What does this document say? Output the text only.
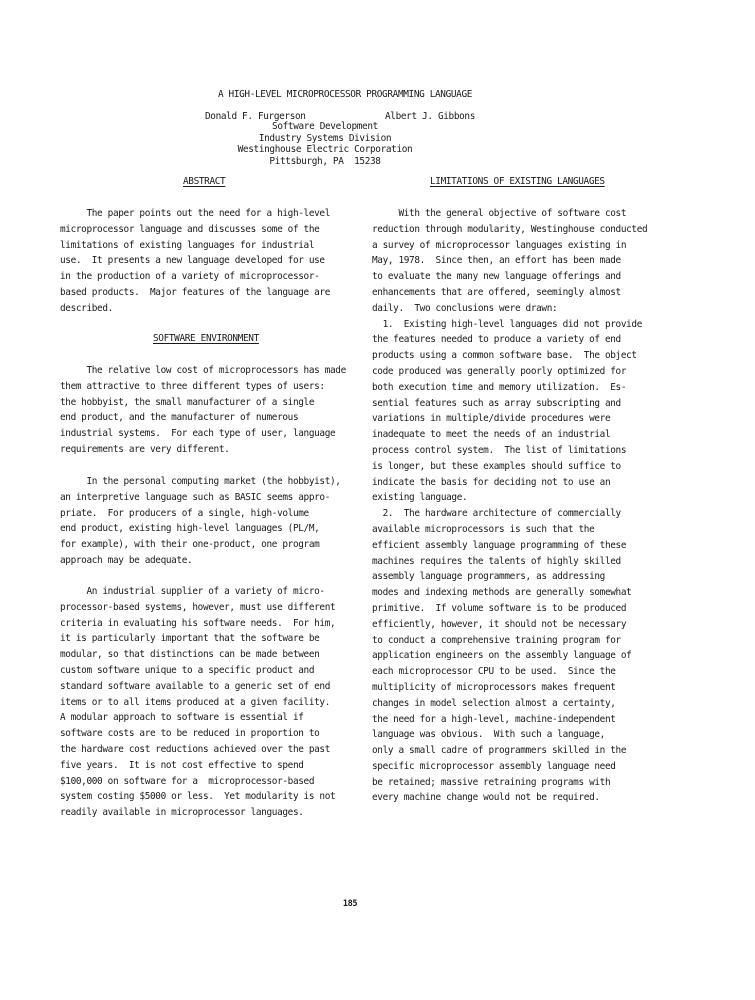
A HIGH-LEVEL MICROPROCESSOR PROGRAMMING LANGUAGE
Donald F. Furgerson	Albert J. Gibbons
Software Development
Industry Systems Division
Westinghouse Electric Corporation
Pittsburgh, PA  15238
ABSTRACT	LIMITATIONS OF EXISTING LANGUAGES
SOFTWARE ENVIRONMENT
The paper points out the need for a high-level
microprocessor language and discusses some of the
limitations of existing languages for industrial
use.  It presents a new language developed for use
in the production of a variety of microprocessor-
based products.  Major features of the language are
described.
The relative low cost of microprocessors has made
them attractive to three different types of users:
the hobbyist, the small manufacturer of a single
end product, and the manufacturer of numerous
industrial systems.  For each type of user, language
requirements are very different.
In the personal computing market (the hobbyist),
an interpretive language such as BASIC seems appro-
priate.  For producers of a single, high-volume
end product, existing high-level languages (PL/M,
for example), with their one-product, one program
approach may be adequate.
An industrial supplier of a variety of micro-
processor-based systems, however, must use different
criteria in evaluating his software needs.  For him,
it is particularly important that the software be
modular, so that distinctions can be made between
custom software unique to a specific product and
standard software available to a generic set of end
items or to all items produced at a given facility.
A modular approach to software is essential if
software costs are to be reduced in proportion to
the hardware cost reductions achieved over the past
five years.  It is not cost effective to spend
$100,000 on software for a  microprocessor-based
system costing $5000 or less.  Yet modularity is not
readily available in microprocessor languages.
With the general objective of software cost
reduction through modularity, Westinghouse conducted
a survey of microprocessor languages existing in
May, 1978.  Since then, an effort has been made
to evaluate the many new language offerings and
enhancements that are offered, seemingly almost
daily.  Two conclusions were drawn:
1.  Existing high-level languages did not provide
the features needed to produce a variety of end
products using a common software base.  The object
code produced was generally poorly optimized for
both execution time and memory utilization.  Es-
sential features such as array subscripting and
variations in multiple/divide procedures were
inadequate to meet the needs of an industrial
process control system.  The list of limitations
is longer, but these examples should suffice to
indicate the basis for deciding not to use an
existing language.
2.  The hardware architecture of commercially
available microprocessors is such that the
efficient assembly language programming of these
machines requires the talents of highly skilled
assembly language programmers, as addressing
modes and indexing methods are generally somewhat
primitive.  If volume software is to be produced
efficiently, however, it should not be necessary
to conduct a comprehensive training program for
application engineers on the assembly language of
each microprocessor CPU to be used.  Since the
multiplicity of microprocessors makes frequent
changes in model selection almost a certainty,
the need for a high-level, machine-independent
language was obvious.  With such a language,
only a small cadre of programmers skilled in the
specific microprocessor assembly language need
be retained; massive retraining programs with
every machine change would not be required.
185
